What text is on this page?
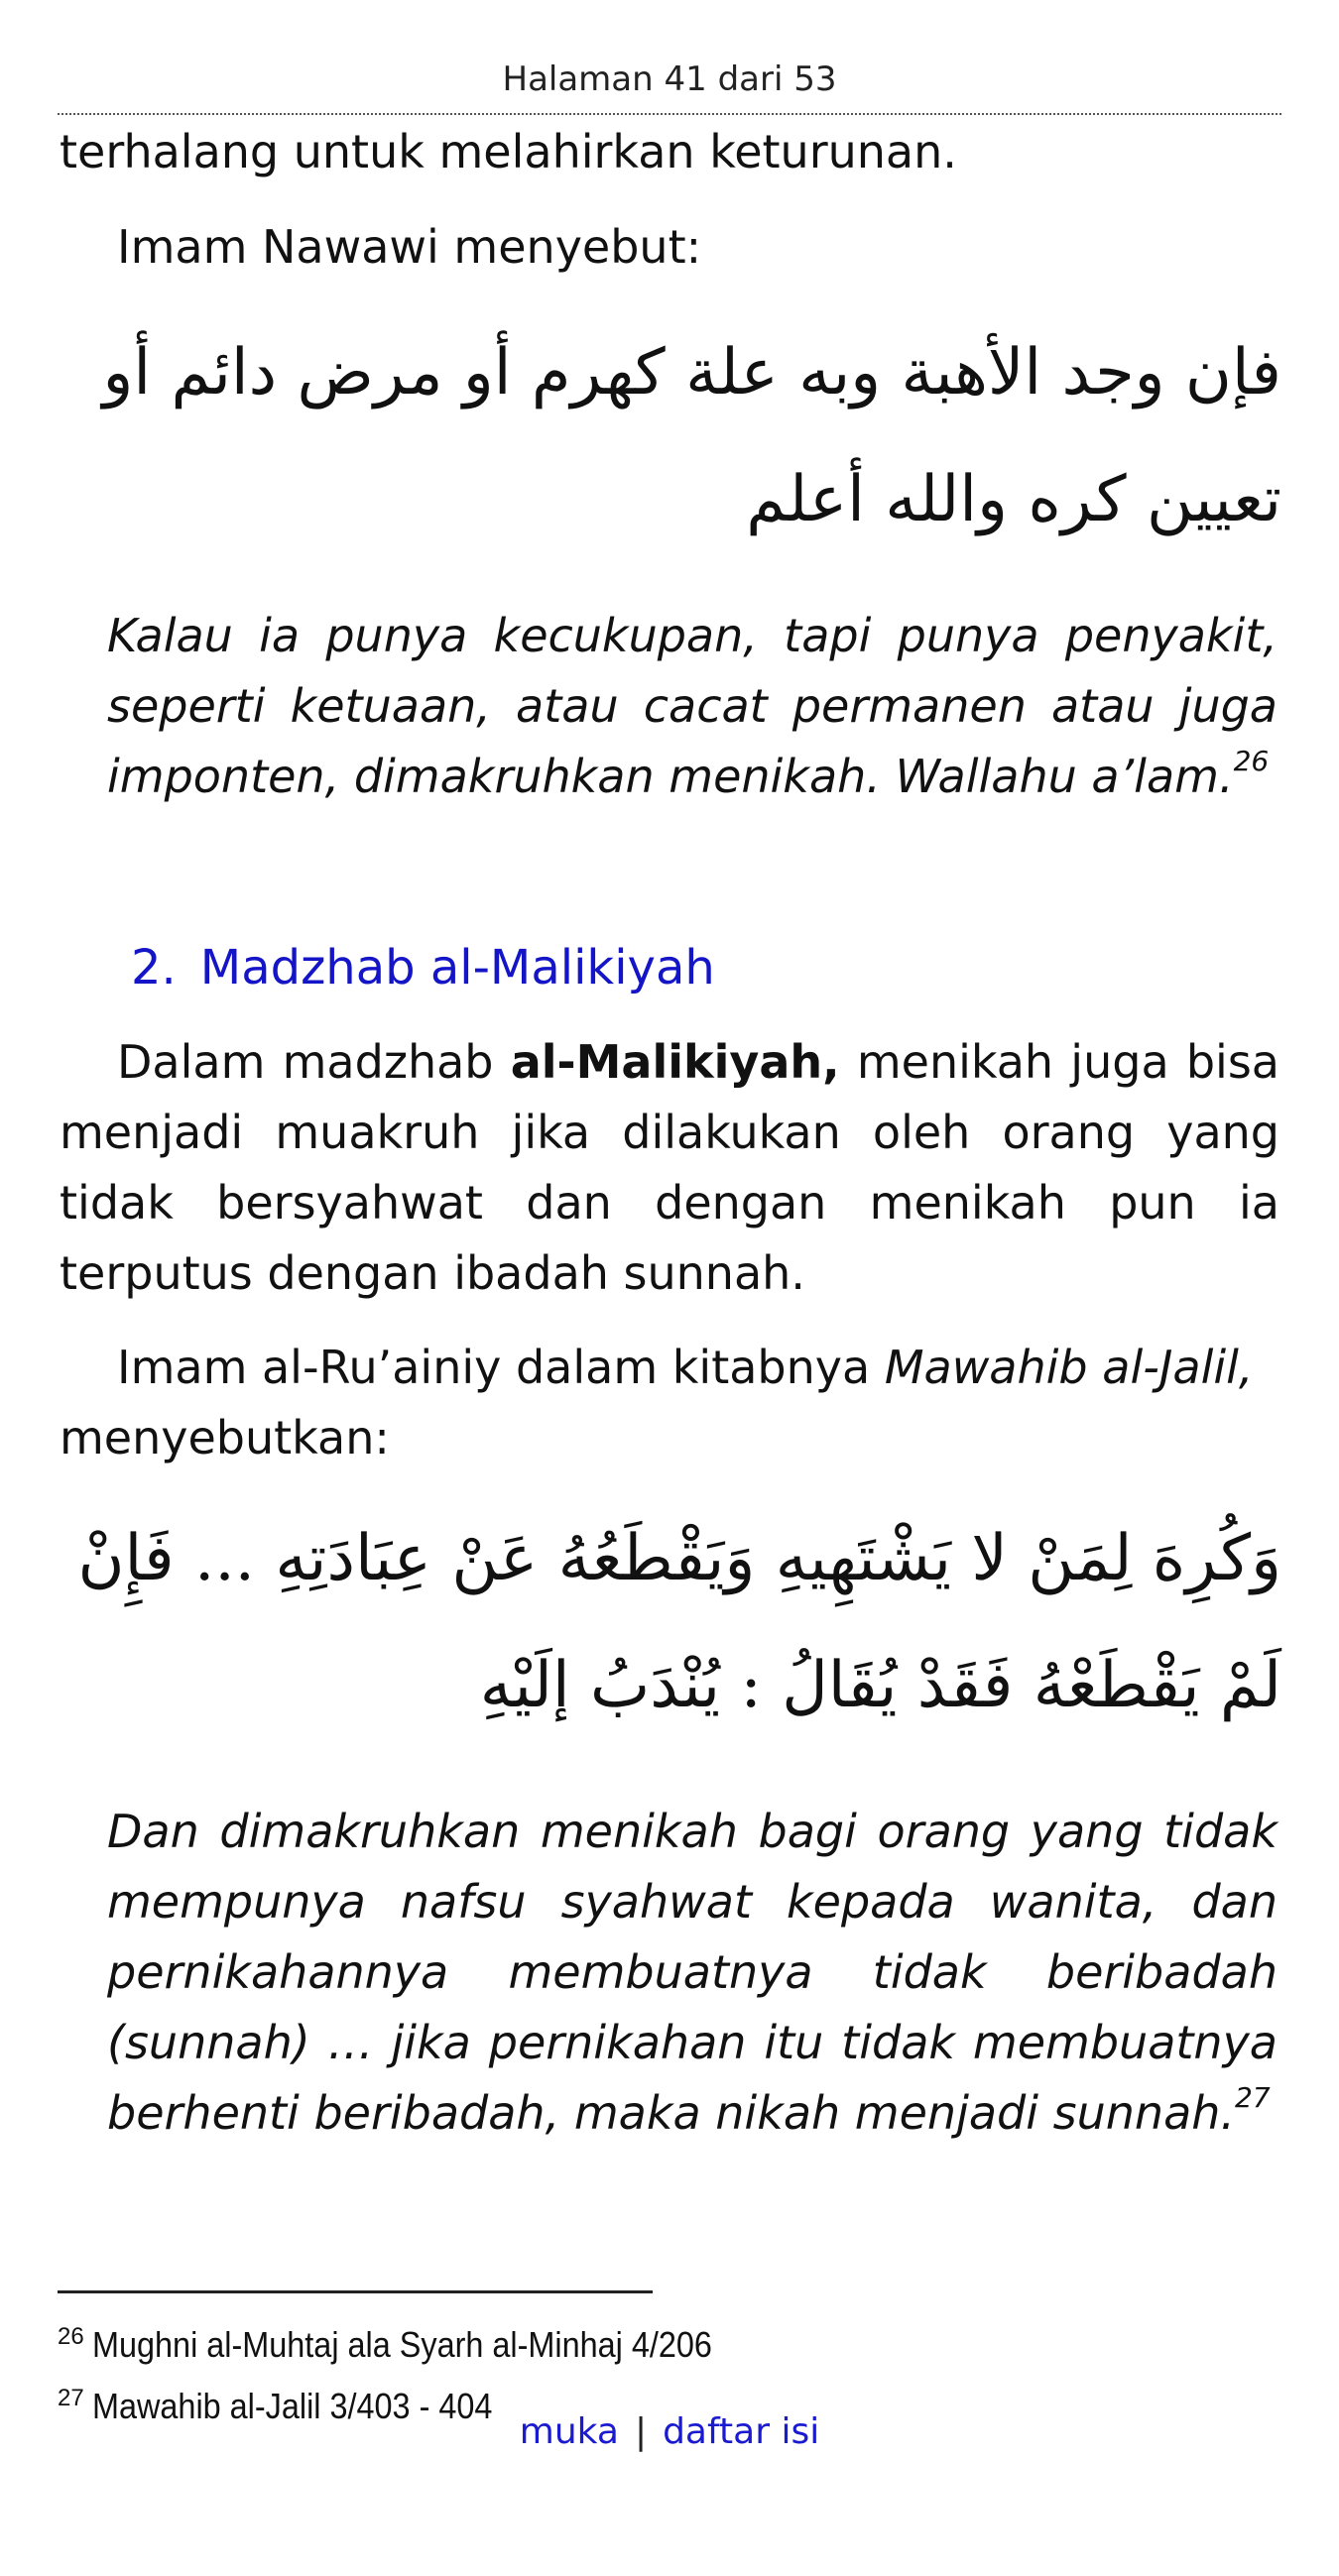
Halaman 41 dari 53
terhalang untuk melahirkan keturunan.
Imam Nawawi menyebut:
فإن وجد الأهبة وبه علة كهرم أو مرض دائم أو تعيين كره والله أعلم
Kalau ia punya kecukupan, tapi punya penyakit, seperti ketuaan, atau cacat permanen atau juga imponten, dimakruhkan menikah. Wallahu a’lam.$^{26}$
2. Madzhab al-Malikiyah
Dalam madzhab al-Malikiyah, menikah juga bisa menjadi muakruh jika dilakukan oleh orang yang tidak bersyahwat dan dengan menikah pun ia terputus dengan ibadah sunnah.
Imam al-Ru’ainiy dalam kitabnya Mawahib al-Jalil, menyebutkan:
وَكُرِهَ لِمَنْ لا يَشْتَهِيهِ وَيَقْطَعُهُ عَنْ عِبَادَتِهِ ... فَإِنْ لَمْ يَقْطَعْهُ فَقَدْ يُقَالُ : يُنْدَبُ إلَيْهِ
Dan dimakruhkan menikah bagi orang yang tidak mempunya nafsu syahwat kepada wanita, dan pernikahannya membuatnya tidak beribadah (sunnah) … jika pernikahan itu tidak membuatnya berhenti beribadah, maka nikah menjadi sunnah.$^{27}$
$^{26}$ Mughni al-Muhtaj ala Syarh al-Minhaj 4/206
$^{27}$ Mawahib al-Jalil 3/403 - 404
muka | daftar isi
